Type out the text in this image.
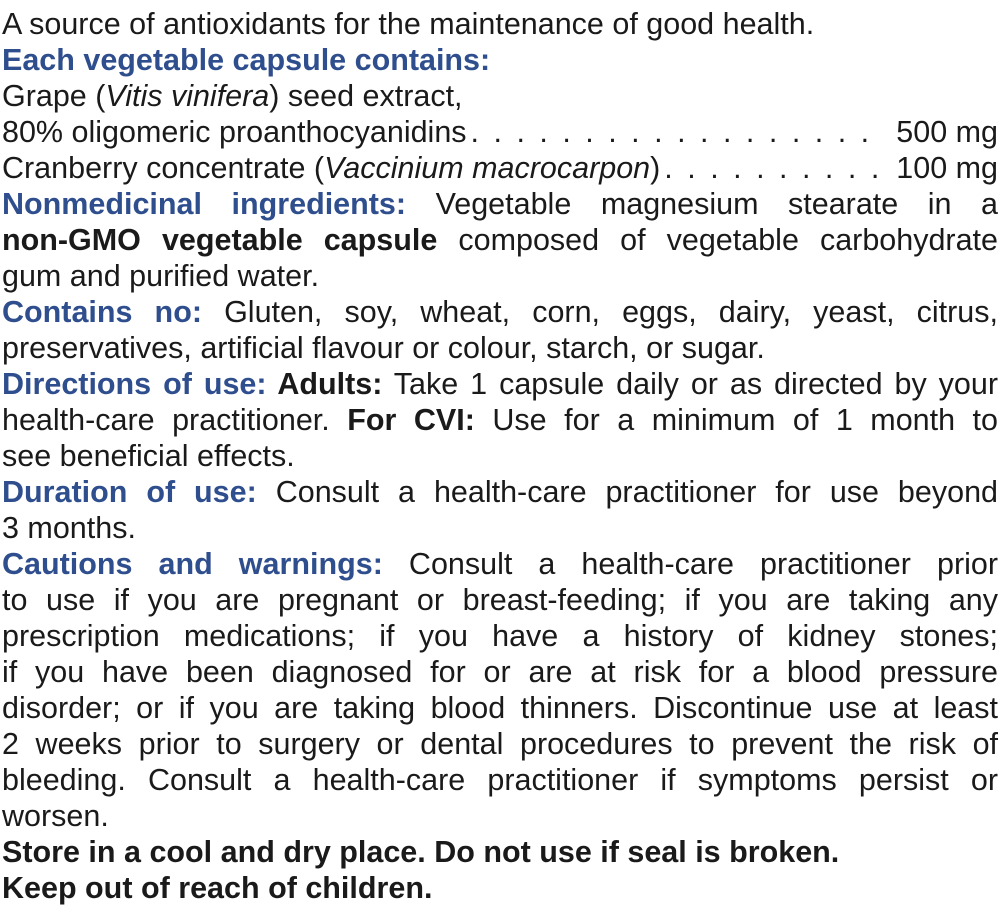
A source of antioxidants for the maintenance of good health.
Each vegetable capsule contains:
Grape (Vitis vinifera) seed extract,
80% oligomeric proanthocyanidins . . .	500 mg
Cranberry concentrate (Vaccinium macrocarpon) . . .	100 mg
Nonmedicinal ingredients: Vegetable magnesium stearate in a
non-GMO vegetable capsule composed of vegetable carbohydrate
gum and purified water.
Contains no: Gluten, soy, wheat, corn, eggs, dairy, yeast, citrus,
preservatives, artificial flavour or colour, starch, or sugar.
Directions of use: Adults: Take 1 capsule daily or as directed by your
health-care practitioner. For CVI: Use for a minimum of 1 month to
see beneficial effects.
Duration of use: Consult a health-care practitioner for use beyond
3 months.
Cautions and warnings: Consult a health-care practitioner prior
to use if you are pregnant or breast-feeding; if you are taking any
prescription medications; if you have a history of kidney stones;
if you have been diagnosed for or are at risk for a blood pressure
disorder; or if you are taking blood thinners. Discontinue use at least
2 weeks prior to surgery or dental procedures to prevent the risk of
bleeding. Consult a health-care practitioner if symptoms persist or
worsen.
Store in a cool and dry place. Do not use if seal is broken.
Keep out of reach of children.
